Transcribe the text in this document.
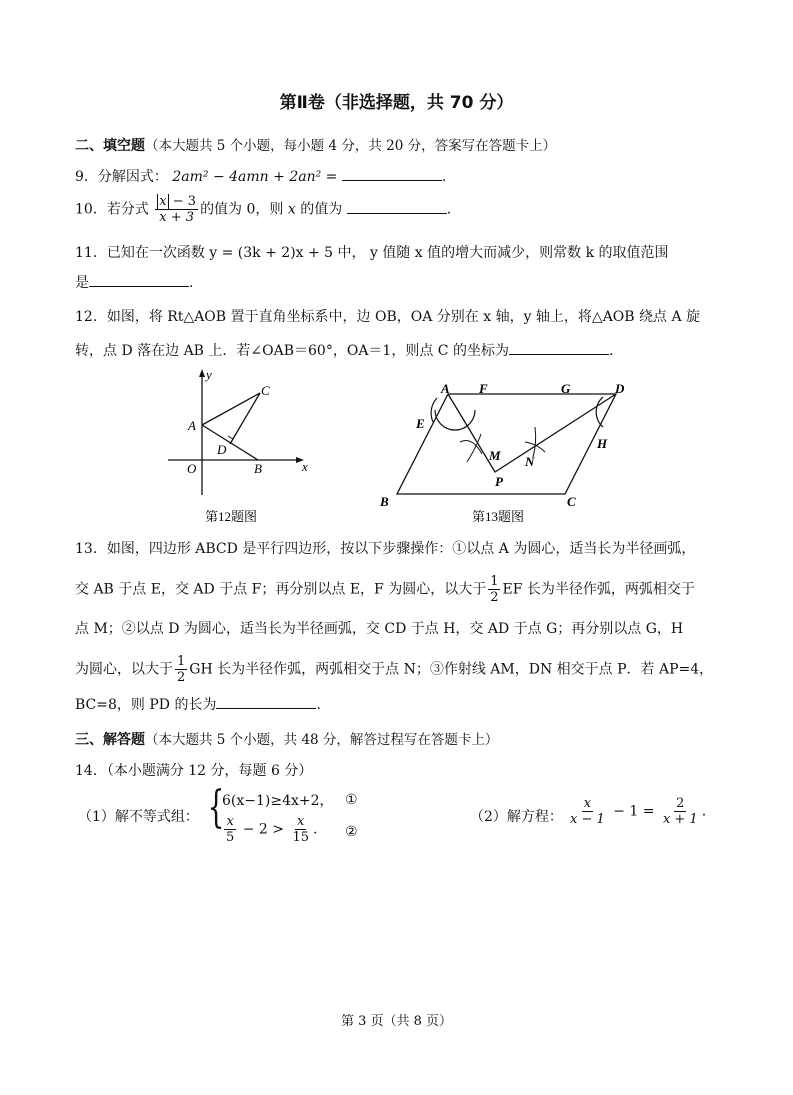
第Ⅱ卷（非选择题，共 70 分）
二、填空题（本大题共 5 个小题，每小题 4 分，共 20 分，答案写在答题卡上）
9．分解因式： 2am² − 4amn + 2an² =	.
10．若分式 $\frac{x - 3}{x + 3}$ 的值为 0，则 x 的值为	.
11．已知在一次函数 y = (3k + 2)x + 5 中， y 值随 x 值的增大而减少，则常数 k 的取值范围
是	.
12．如图，将 Rt△AOB 置于直角坐标系中，边 OB，OA 分别在 x 轴，y 轴上，将△AOB 绕点 A 旋
转，点 D 落在边 AB 上．若∠OAB＝60°，OA＝1，则点 C 的坐标为	.
y
x
O
A
B
C
D
第12题图
A F	G	D
E
H
M N
P
B	C
第13题图
13．如图，四边形 ABCD 是平行四边形，按以下步骤操作：①以点 A 为圆心，适当长为半径画弧，
交 AB 于点 E，交 AD 于点 F；再分别以点 E，F 为圆心，以大于 $\frac{1}{2}$ EF 长为半径作弧，两弧相交于
点 M；②以点 D 为圆心，适当长为半径画弧，交 CD 于点 H，交 AD 于点 G；再分别以点 G，H
为圆心，以大于 $\frac{1}{2}$ GH 长为半径作弧，两弧相交于点 N；③作射线 AM，DN 相交于点 P．若 AP=4，
BC=8，则 PD 的长为	.
三、解答题（本大题共 5 个小题，共 48 分，解答过程写在答题卡上）
14．（本小题满分 12 分，每题 6 分）
（1）解不等式组： {
6(x−1)≥4x+2， ①
$\frac{x}{5} - 2 > \frac{x}{15}$ . ②
（2）解方程： $\frac{x}{x - 1} - 1 = \frac{2}{x + 1}$ .
第 3 页（共 8 页）
